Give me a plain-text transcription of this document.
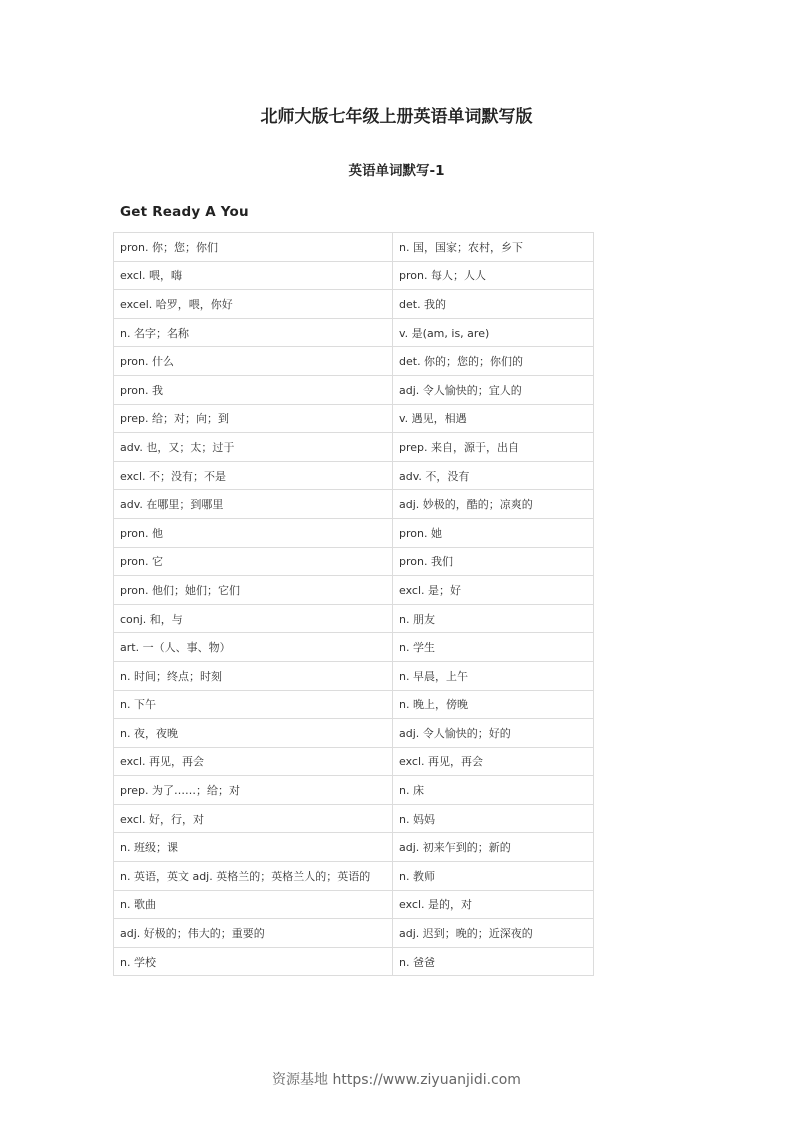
北师大版七年级上册英语单词默写版
英语单词默写-1
Get Ready A You
pron. 你；您；你们	n. 国，国家；农村，乡下
excl. 喂，嗨	pron. 每人；人人
excel. 哈罗，喂，你好	det. 我的
n. 名字；名称	v. 是(am, is, are)
pron. 什么	det. 你的；您的；你们的
pron. 我	adj. 令人愉快的；宜人的
prep. 给；对；向；到	v. 遇见，相遇
adv. 也，又；太；过于	prep. 来自，源于，出自
excl. 不；没有；不是	adv. 不，没有
adv. 在哪里；到哪里	adj. 妙极的，酷的；凉爽的
pron. 他	pron. 她
pron. 它	pron. 我们
pron. 他们；她们；它们	excl. 是；好
conj. 和，与	n. 朋友
art. 一（人、事、物）	n. 学生
n. 时间；终点；时刻	n. 早晨，上午
n. 下午	n. 晚上，傍晚
n. 夜，夜晚	adj. 令人愉快的；好的
excl. 再见，再会	excl. 再见，再会
prep. 为了……；给；对	n. 床
excl. 好，行，对	n. 妈妈
n. 班级；课	adj. 初来乍到的；新的
n. 英语，英文 adj. 英格兰的；英格兰人的；英语的	n. 教师
n. 歌曲	excl. 是的，对
adj. 好极的；伟大的；重要的	adj. 迟到；晚的；近深夜的
n. 学校	n. 爸爸
资源基地 https://www.ziyuanjidi.com
